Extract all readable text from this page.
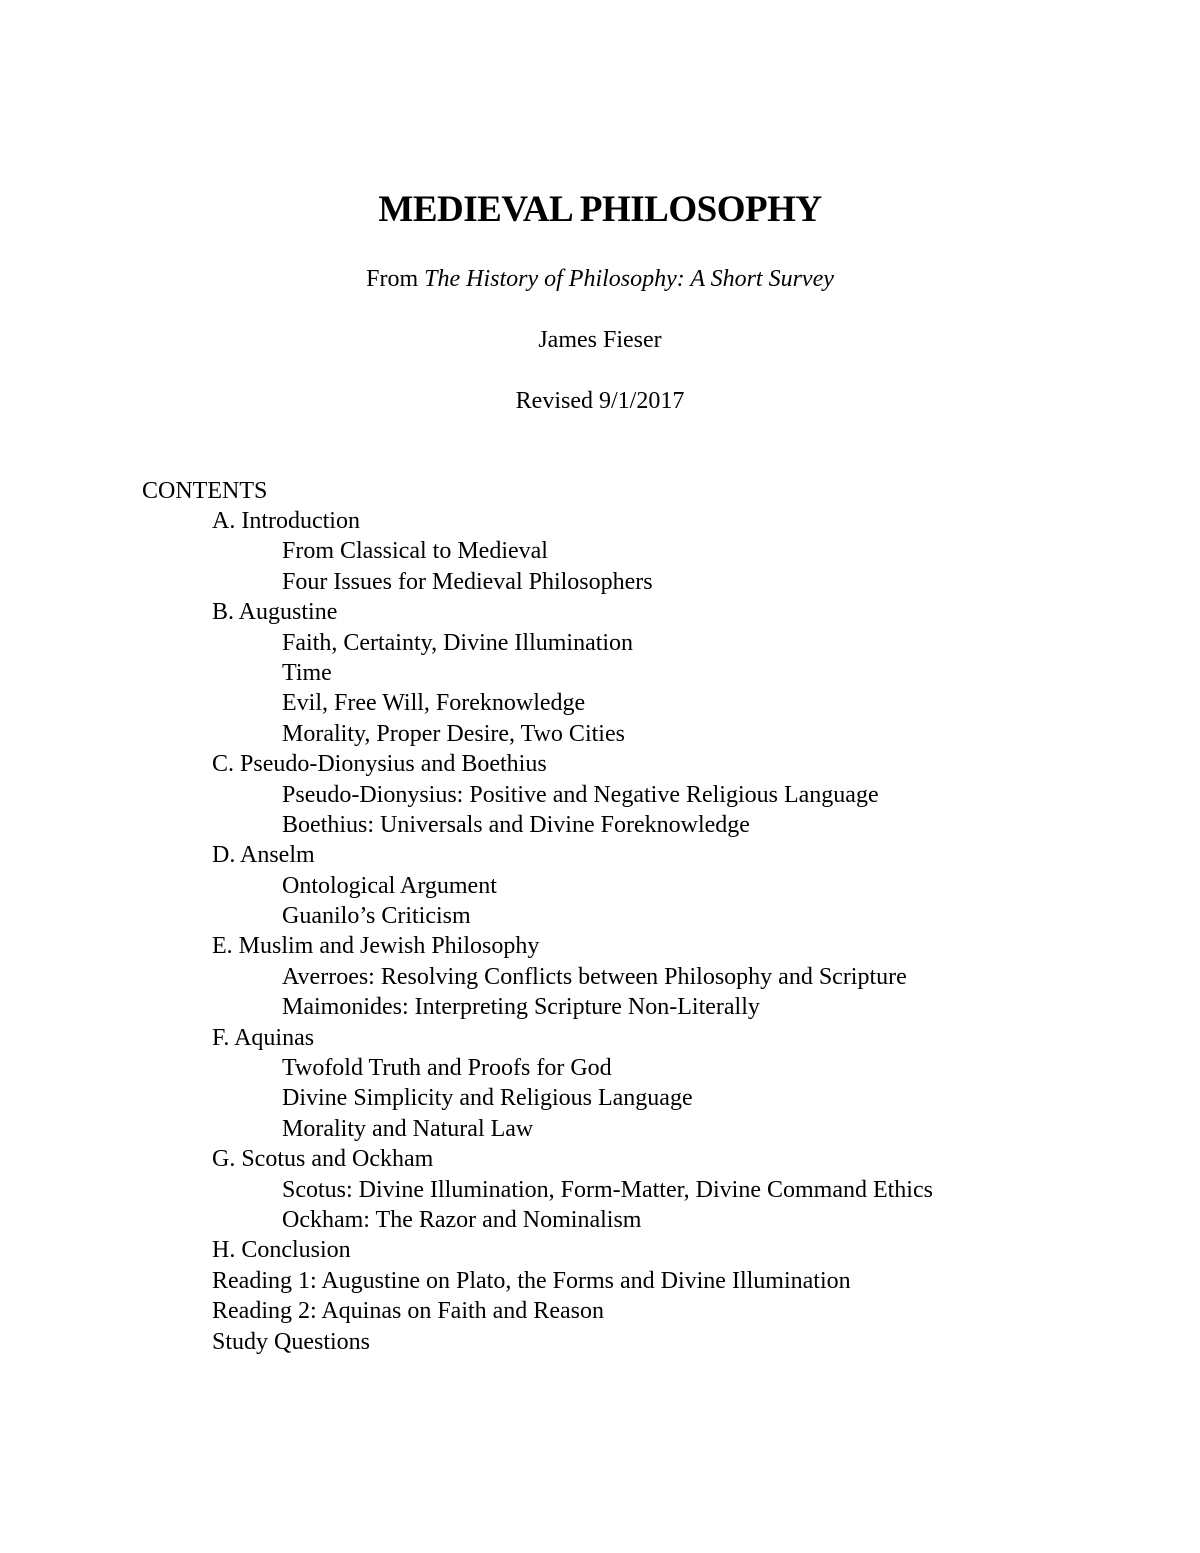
MEDIEVAL PHILOSOPHY
From The History of Philosophy: A Short Survey
James Fieser
Revised 9/1/2017
CONTENTS
A. Introduction
From Classical to Medieval
Four Issues for Medieval Philosophers
B. Augustine
Faith, Certainty, Divine Illumination
Time
Evil, Free Will, Foreknowledge
Morality, Proper Desire, Two Cities
C. Pseudo-Dionysius and Boethius
Pseudo-Dionysius: Positive and Negative Religious Language
Boethius: Universals and Divine Foreknowledge
D. Anselm
Ontological Argument
Guanilo’s Criticism
E. Muslim and Jewish Philosophy
Averroes: Resolving Conflicts between Philosophy and Scripture
Maimonides: Interpreting Scripture Non-Literally
F. Aquinas
Twofold Truth and Proofs for God
Divine Simplicity and Religious Language
Morality and Natural Law
G. Scotus and Ockham
Scotus: Divine Illumination, Form-Matter, Divine Command Ethics
Ockham: The Razor and Nominalism
H. Conclusion
Reading 1: Augustine on Plato, the Forms and Divine Illumination
Reading 2: Aquinas on Faith and Reason
Study Questions
